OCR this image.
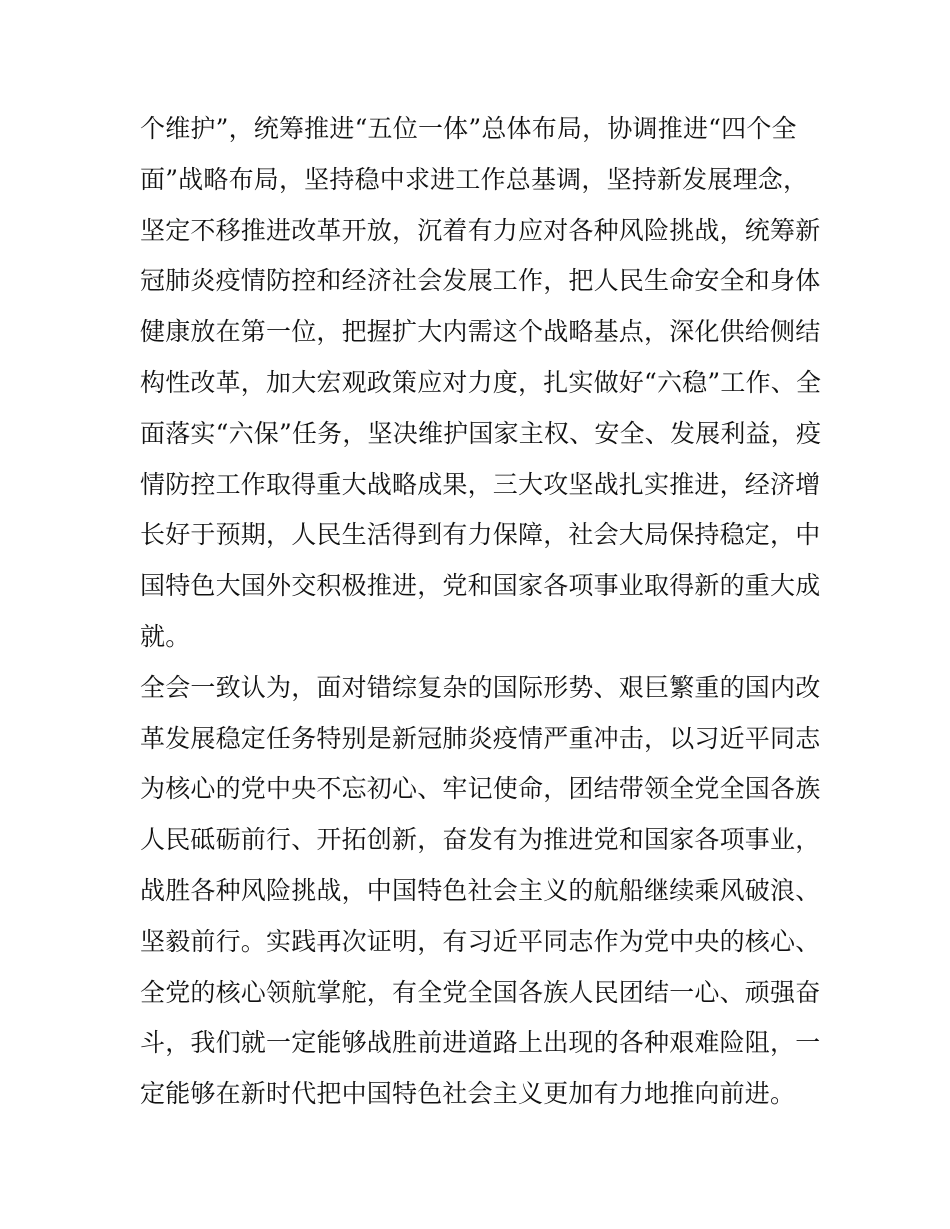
个维护”，统筹推进“五位一体”总体布局，协调推进“四个全
面”战略布局，坚持稳中求进工作总基调，坚持新发展理念，
坚定不移推进改革开放，沉着有力应对各种风险挑战，统筹新
冠肺炎疫情防控和经济社会发展工作，把人民生命安全和身体
健康放在第一位，把握扩大内需这个战略基点，深化供给侧结
构性改革，加大宏观政策应对力度，扎实做好“六稳”工作、全
面落实“六保”任务，坚决维护国家主权、安全、发展利益，疫
情防控工作取得重大战略成果，三大攻坚战扎实推进，经济增
长好于预期，人民生活得到有力保障，社会大局保持稳定，中
国特色大国外交积极推进，党和国家各项事业取得新的重大成
就。
全会一致认为，面对错综复杂的国际形势、艰巨繁重的国内改
革发展稳定任务特别是新冠肺炎疫情严重冲击，以习近平同志
为核心的党中央不忘初心、牢记使命，团结带领全党全国各族
人民砥砺前行、开拓创新，奋发有为推进党和国家各项事业，
战胜各种风险挑战，中国特色社会主义的航船继续乘风破浪、
坚毅前行。实践再次证明，有习近平同志作为党中央的核心、
全党的核心领航掌舵，有全党全国各族人民团结一心、顽强奋
斗，我们就一定能够战胜前进道路上出现的各种艰难险阻，一
定能够在新时代把中国特色社会主义更加有力地推向前进。
